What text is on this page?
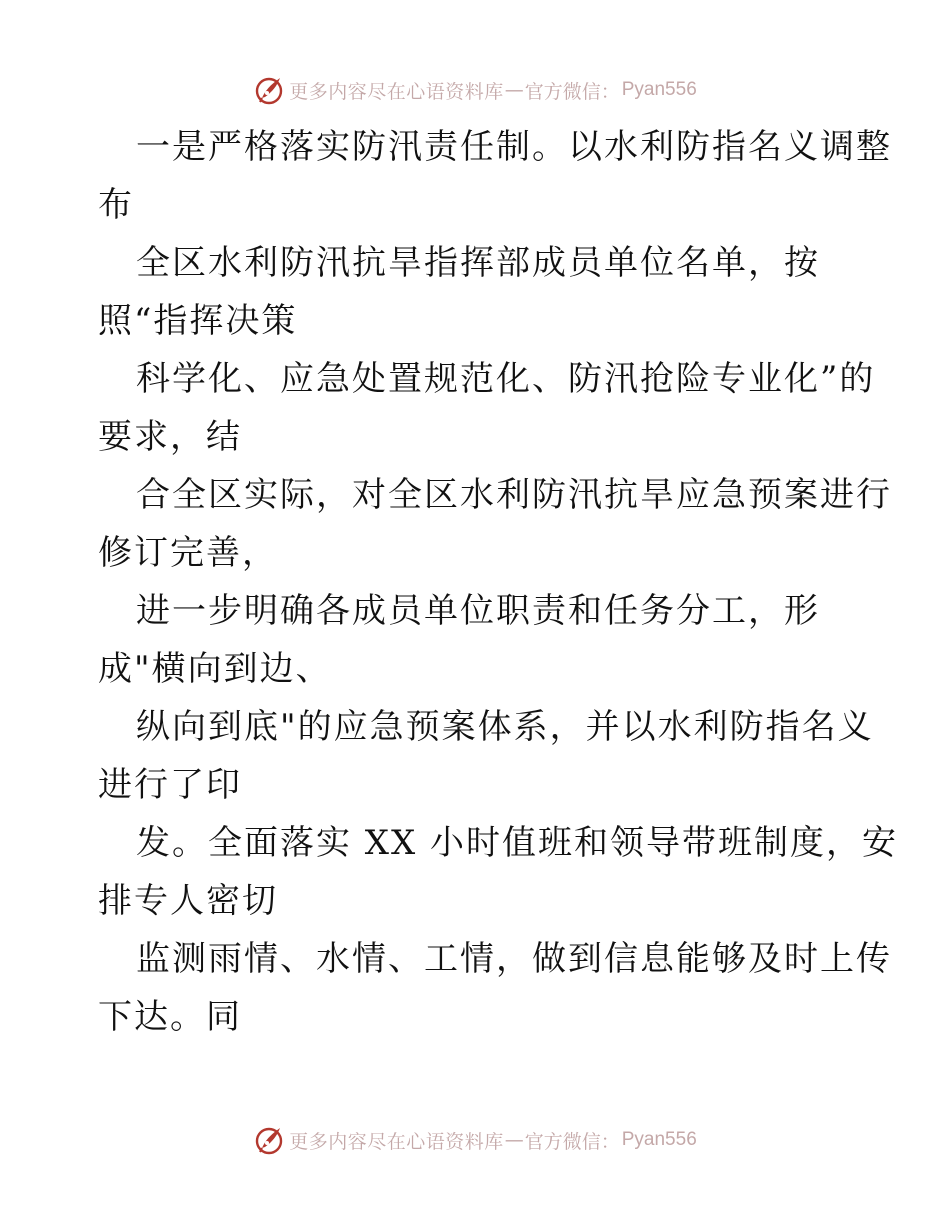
更多内容尽在心语资料库 — 官方微信： Pyan556
一是严格落实防汛责任制。以水利防指名义调整
布
全区水利防汛抗旱指挥部成员单位名单，按
照“指挥决策
科学化、应急处置规范化、防汛抢险专业化”的
要求，结
合全区实际，对全区水利防汛抗旱应急预案进行
修订完善，
进一步明确各成员单位职责和任务分工，形
成"横向到边、
纵向到底"的应急预案体系，并以水利防指名义
进行了印
发。全面落实 XX 小时值班和领导带班制度，安
排专人密切
监测雨情、水情、工情，做到信息能够及时上传
下达。同
更多内容尽在心语资料库 — 官方微信： Pyan556
